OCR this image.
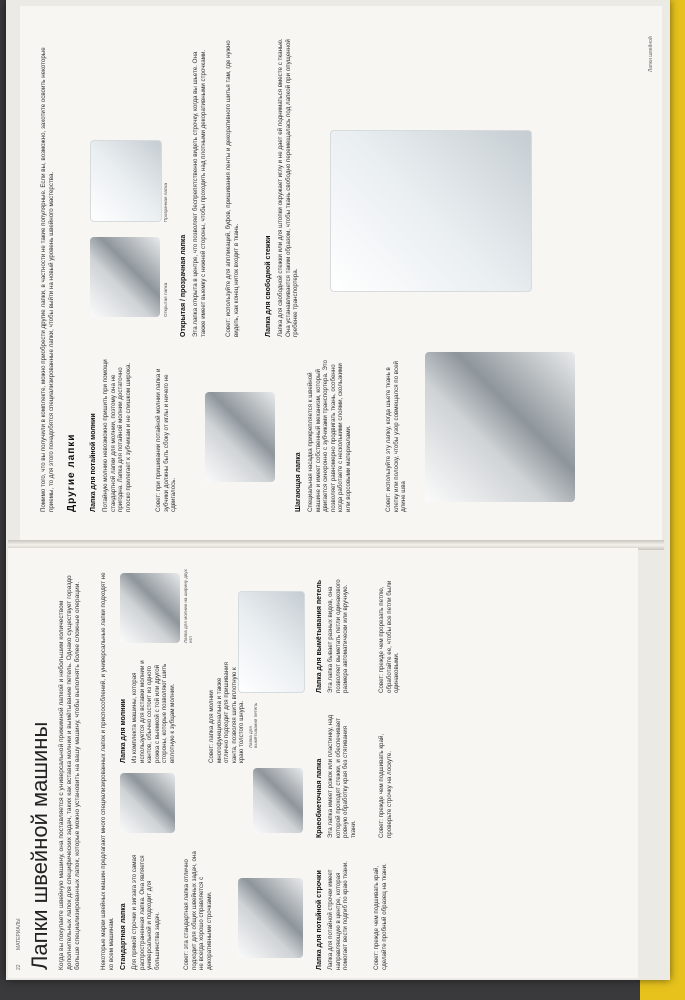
Лапки швейной
Помимо того, что вы получили в комплекте, можно приобрести другие лапки, в частности не такие популярные. Если вы, возможно, захотите освоить некоторые приемы, то для этого понадобятся специализированные лапки, чтобы выйти на новый уровень швейного мастерства. Другие лапки Лапка для потайной молнии Потайную молнию невозможно пришить при помощи стандартной лапки для молнии, поэтому она не пригодна. Лапка для потайной молнии достаточно плоско прилегает к зубчикам и не слишком широка.	Совет: при пришивании потайной молнии лапка и зубчики должны быть сбоку от иглы и ничего не сдвигалось.	Шагающая лапка Специальная насадка прикрепляется к швейной машине и имеет собственный механизм, который двигается синхронно с зубчиками транспортера. Это позволяет равномерно продвигать ткань, особенно когда работаете с несколькими слоями, скользкими или ворсовыми материалами.	Совет: используйте эту лапку, когда шьете ткань в клетку или полоску, чтобы узор совмещался по всей длине шва
Открытая лапка
Прозрачная лапка
Открытая / прозрачная лапка Эта лапка открыта в центре, что позволяет беспрепятственно видеть строчку, когда вы шьете. Она также имеет выемку с нижней стороны, чтобы проходить над плотными декоративными строчками.	Совет: используйте для аппликаций, буфов, пришивания ленты и декоративного шитья там, где нужно видеть, как конец ниток входит в ткань.	Лапка для свободной стежки Лапка для свободной стежки или для штопки окружает иглу и не дает ей подниматься вместе с тканью. Она устанавливается таким образом, чтобы ткань свободно перемещалась под лапкой при опущенной гребенке транспортера.
22
МАТЕРИАЛЫ Лапки швейной машины Когда вы покупаете швейную машину, она поставляется с универсальной прижимной лапкой и небольшим количеством дополнительных лапок для специфических задач, таких как вставка молнии и вымётывание петель. Однако существует гораздо больше специализированных лапок, которые можно установить на вашу машину, чтобы выполнять более сложные операции.	Некоторые марки швейных машин предлагают много специализированных лапок и приспособлений, и универсальные лапки подходят не ко всем машинам. Стандартная лапка Для прямой строчки и зигзага это самая распространенная лапка. Она является универсальной и подходит для большинства задач.	Совет: эта стандартная лапка отлично подходит для общих швейных задач, она не всегда хорошо справляется с декоративными строчками.
Лапка для молнии Из комплекта машины, которая используется для вставки молнии и кантов, обычно состоит из одного рожка с выемкой с той или другой стороны, которые позволяют шить вплотную к зубцам молнии.	Совет: лапка для молнии многофункциональна и также отлично подходит для пришивания канта, позволяя шить вплотную к краю толстого шнура.
Лапка для молнии на ширину двух игл
Лапка для потайной строчки Лапка для потайной строчки имеет направляющую в центре, которая помогает вести подгиб по краю ткани.	Совет: прежде чем подшивать край, сделайте пробный образец на ткани.
Краеобметочная лапка Эта лапка имеет рожок или пластинку, над которой проходят стежки, и обеспечивает ровную обработку края без стягивания ткани.	Совет: прежде чем подшивать край, проверьте строчку на лоскуте.
Лапка для вымётывания петель
Лапка для вымётывания петель Эта лапка бывает разных видов, она позволяет выметать петли одинакового размера автоматически или вручную.	Совет: прежде чем прорезать петлю, обработайте ее, чтобы все петли были одинаковыми.
